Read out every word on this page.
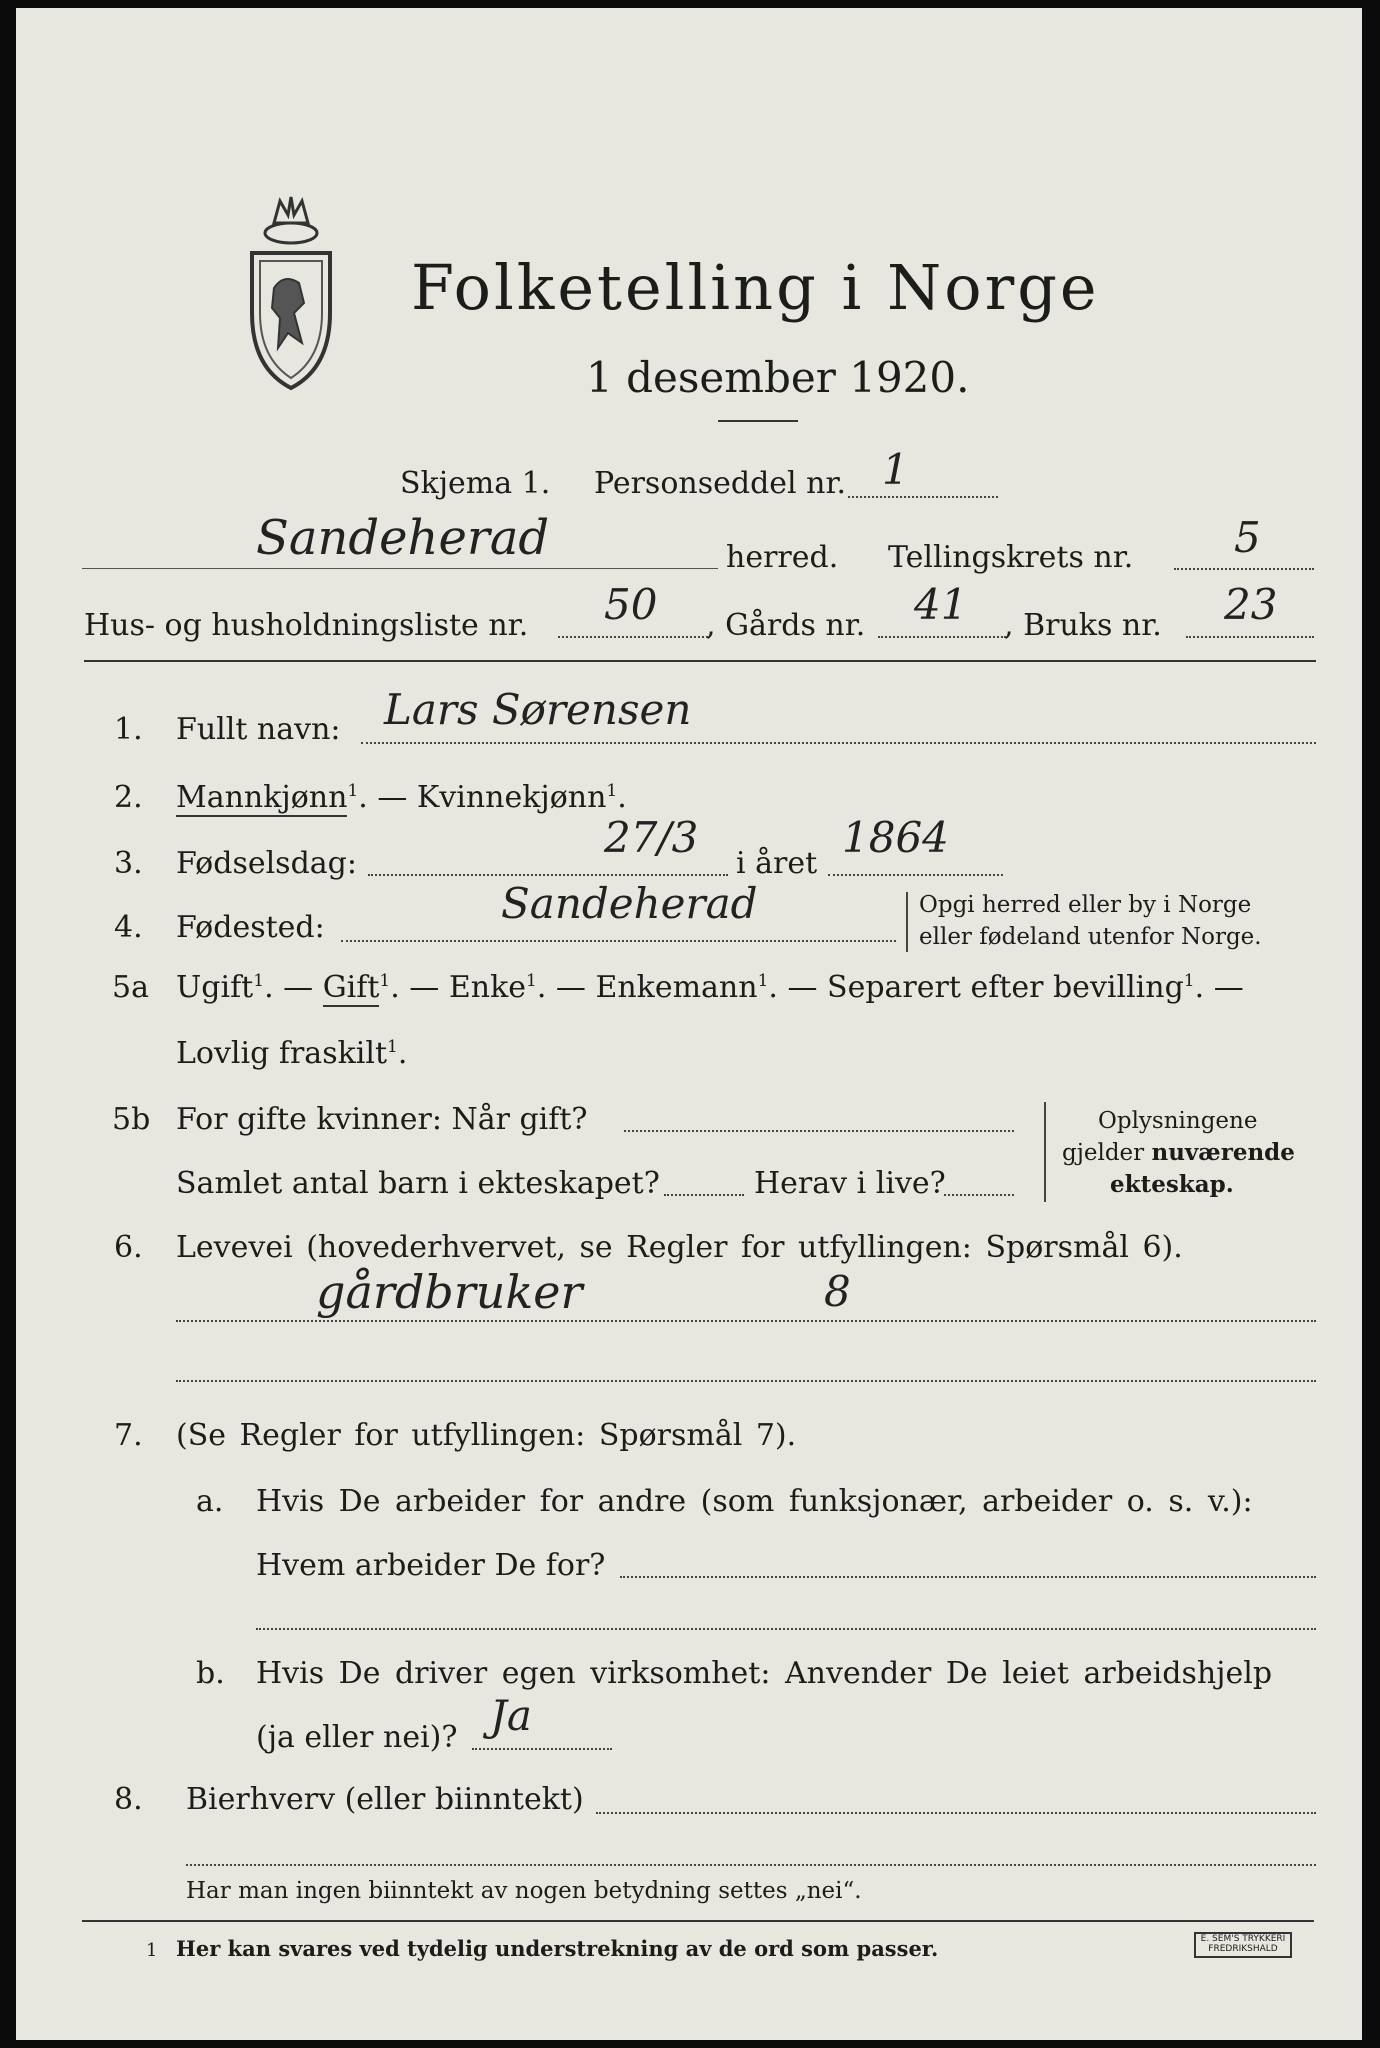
Folketelling i Norge
1 desember 1920.
Skjema 1. Personseddel nr. 1
Sandeherad	herred. Tellingskrets nr. 5
Hus- og husholdningsliste nr. 50 , Gårds nr. 41 , Bruks nr. 23
1. Fullt navn: Lars Sørensen
2. Mannkjønn$^1$. — Kvinnekjønn$^1$.
3. Fødselsdag:
27/3
i året
1864
4. Fødested:	Sandeherad	Opgi herred eller by i Norge
eller fødeland utenfor Norge.
5a Ugift$^1$. — Gift$^1$. — Enke$^1$. — Enkemann$^1$. — Separert efter bevilling$^1$. —
Lovlig fraskilt$^1$.
5b For gifte kvinner: Når gift?
Samlet antal barn i ekteskapet?	Herav i live?
Oplysningene
gjelder nuværende
ekteskap.
6. Levevei (hovederhvervet, se Regler for utfyllingen: Spørsmål 6).
gårdbruker	8
7. (Se Regler for utfyllingen: Spørsmål 7).
a. Hvis De arbeider for andre (som funksjonær, arbeider o. s. v.):
Hvem arbeider De for?
b. Hvis De driver egen virksomhet: Anvender De leiet arbeidshjelp
(ja eller nei)? Ja
8. Bierhverv (eller biinntekt)
Har man ingen biinntekt av nogen betydning settes „nei“.
1 Her kan svares ved tydelig understrekning av de ord som passer.	E. SEM'S TRYKKERI
FREDRIKSHALD
